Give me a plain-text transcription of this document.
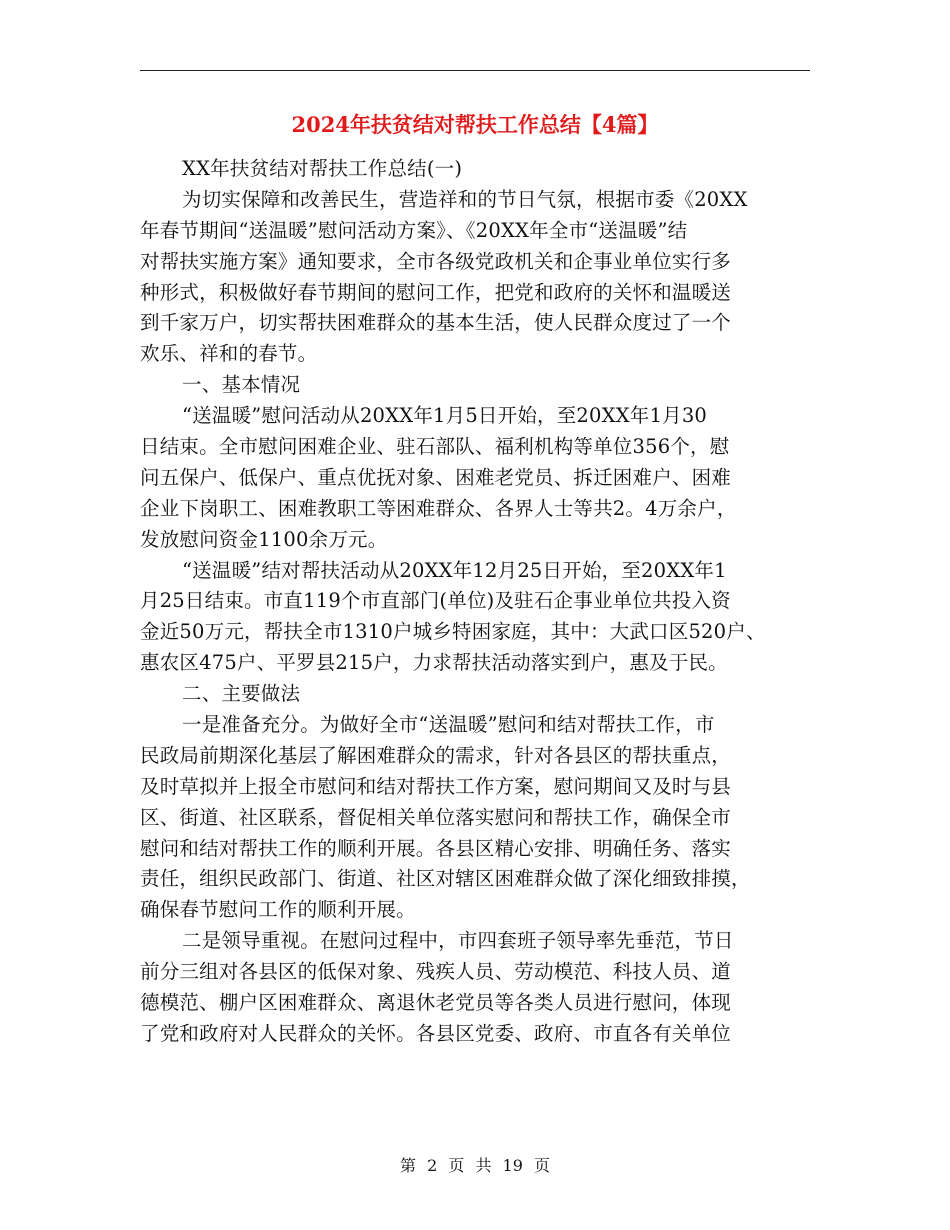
2024年扶贫结对帮扶工作总结【4篇】
XX年扶贫结对帮扶工作总结(一)
为切实保障和改善民生，营造祥和的节日气氛，根据市委《20XX
年春节期间“送温暖”慰问活动方案》、《20XX年全市“送温暖”结
对帮扶实施方案》通知要求，全市各级党政机关和企事业单位实行多
种形式，积极做好春节期间的慰问工作，把党和政府的关怀和温暖送
到千家万户，切实帮扶困难群众的基本生活，使人民群众度过了一个
欢乐、祥和的春节。
一、基本情况
“送温暖”慰问活动从20XX年1月5日开始，至20XX年1月30
日结束。全市慰问困难企业、驻石部队、福利机构等单位356个，慰
问五保户、低保户、重点优抚对象、困难老党员、拆迁困难户、困难
企业下岗职工、困难教职工等困难群众、各界人士等共2。4万余户，
发放慰问资金1100余万元。
“送温暖”结对帮扶活动从20XX年12月25日开始，至20XX年1
月25日结束。市直119个市直部门(单位)及驻石企事业单位共投入资
金近50万元，帮扶全市1310户城乡特困家庭，其中：大武口区520户、
惠农区475户、平罗县215户，力求帮扶活动落实到户，惠及于民。
二、主要做法
一是准备充分。为做好全市“送温暖”慰问和结对帮扶工作，市
民政局前期深化基层了解困难群众的需求，针对各县区的帮扶重点，
及时草拟并上报全市慰问和结对帮扶工作方案，慰问期间又及时与县
区、街道、社区联系，督促相关单位落实慰问和帮扶工作，确保全市
慰问和结对帮扶工作的顺利开展。各县区精心安排、明确任务、落实
责任，组织民政部门、街道、社区对辖区困难群众做了深化细致排摸，
确保春节慰问工作的顺利开展。
二是领导重视。在慰问过程中，市四套班子领导率先垂范，节日
前分三组对各县区的低保对象、残疾人员、劳动模范、科技人员、道
德模范、棚户区困难群众、离退休老党员等各类人员进行慰问，体现
了党和政府对人民群众的关怀。各县区党委、政府、市直各有关单位
第 2 页 共 19 页
